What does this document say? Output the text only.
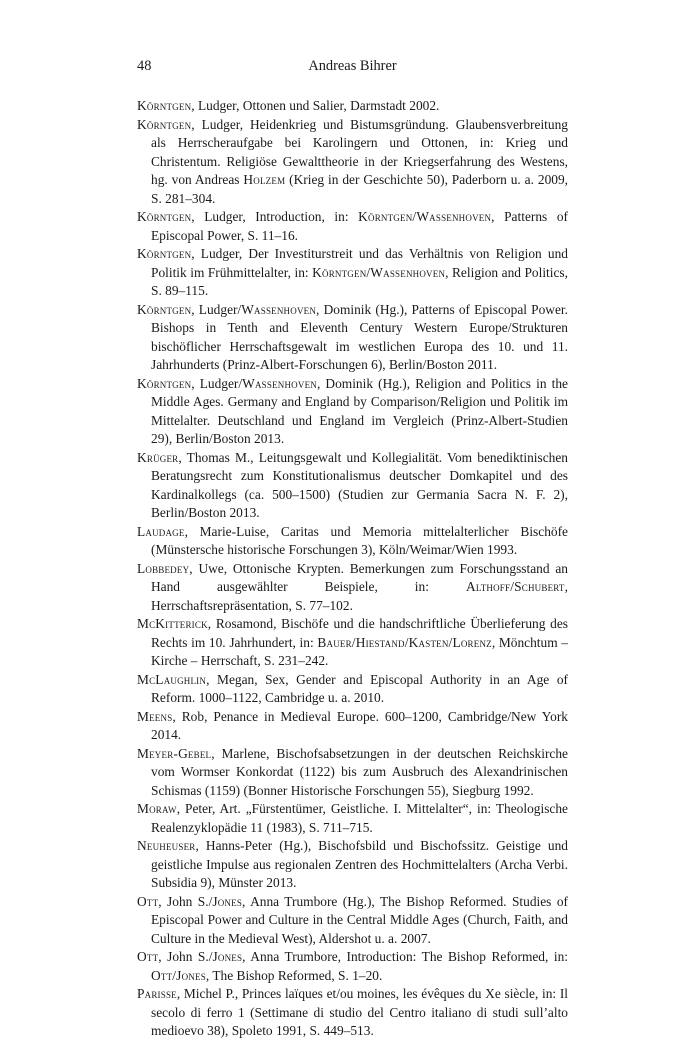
48	Andreas Bihrer
Körntgen, Ludger, Ottonen und Salier, Darmstadt 2002.
Körntgen, Ludger, Heidenkrieg und Bistumsgründung. Glaubensverbreitung als Herrscheraufgabe bei Karolingern und Ottonen, in: Krieg und Christentum. Religiöse Gewalttheorie in der Kriegserfahrung des Westens, hg. von Andreas Holzem (Krieg in der Geschichte 50), Paderborn u. a. 2009, S. 281–304.
Körntgen, Ludger, Introduction, in: Körntgen/Wassenhoven, Patterns of Episcopal Power, S. 11–16.
Körntgen, Ludger, Der Investiturstreit und das Verhältnis von Religion und Politik im Frühmittelalter, in: Körntgen/Wassenhoven, Religion and Politics, S. 89–115.
Körntgen, Ludger/Wassenhoven, Dominik (Hg.), Patterns of Episcopal Power. Bishops in Tenth and Eleventh Century Western Europe/Strukturen bischöflicher Herrschaftsgewalt im westlichen Europa des 10. und 11. Jahrhunderts (Prinz-Albert-Forschungen 6), Berlin/Boston 2011.
Körntgen, Ludger/Wassenhoven, Dominik (Hg.), Religion and Politics in the Middle Ages. Germany and England by Comparison/Religion und Politik im Mittelalter. Deutschland und England im Vergleich (Prinz-Albert-Studien 29), Berlin/Boston 2013.
Krüger, Thomas M., Leitungsgewalt und Kollegialität. Vom benediktinischen Beratungsrecht zum Konstitutionalismus deutscher Domkapitel und des Kardinalkollegs (ca. 500–1500) (Studien zur Germania Sacra N. F. 2), Berlin/Boston 2013.
Laudage, Marie-Luise, Caritas und Memoria mittelalterlicher Bischöfe (Münstersche historische Forschungen 3), Köln/Weimar/Wien 1993.
Lobbedey, Uwe, Ottonische Krypten. Bemerkungen zum Forschungsstand an Hand ausgewählter Beispiele, in: Althoff/Schubert, Herrschaftsrepräsentation, S. 77–102.
McKitterick, Rosamond, Bischöfe und die handschriftliche Überlieferung des Rechts im 10. Jahrhundert, in: Bauer/Hiestand/Kasten/Lorenz, Mönchtum – Kirche – Herrschaft, S. 231–242.
McLaughlin, Megan, Sex, Gender and Episcopal Authority in an Age of Reform. 1000–1122, Cambridge u. a. 2010.
Meens, Rob, Penance in Medieval Europe. 600–1200, Cambridge/New York 2014.
Meyer-Gebel, Marlene, Bischofsabsetzungen in der deutschen Reichskirche vom Wormser Konkordat (1122) bis zum Ausbruch des Alexandrinischen Schismas (1159) (Bonner Historische Forschungen 55), Siegburg 1992.
Moraw, Peter, Art. „Fürstentümer, Geistliche. I. Mittelalter“, in: Theologische Realenzyklopädie 11 (1983), S. 711–715.
Neuheuser, Hanns-Peter (Hg.), Bischofsbild und Bischofssitz. Geistige und geistliche Impulse aus regionalen Zentren des Hochmittelalters (Archa Verbi. Subsidia 9), Münster 2013.
Ott, John S./Jones, Anna Trumbore (Hg.), The Bishop Reformed. Studies of Episcopal Power and Culture in the Central Middle Ages (Church, Faith, and Culture in the Medieval West), Aldershot u. a. 2007.
Ott, John S./Jones, Anna Trumbore, Introduction: The Bishop Reformed, in: Ott/Jones, The Bishop Reformed, S. 1–20.
Parisse, Michel P., Princes laïques et/ou moines, les évêques du Xe siècle, in: Il secolo di ferro 1 (Settimane di studio del Centro italiano di studi sull’alto medioevo 38), Spoleto 1991, S. 449–513.
